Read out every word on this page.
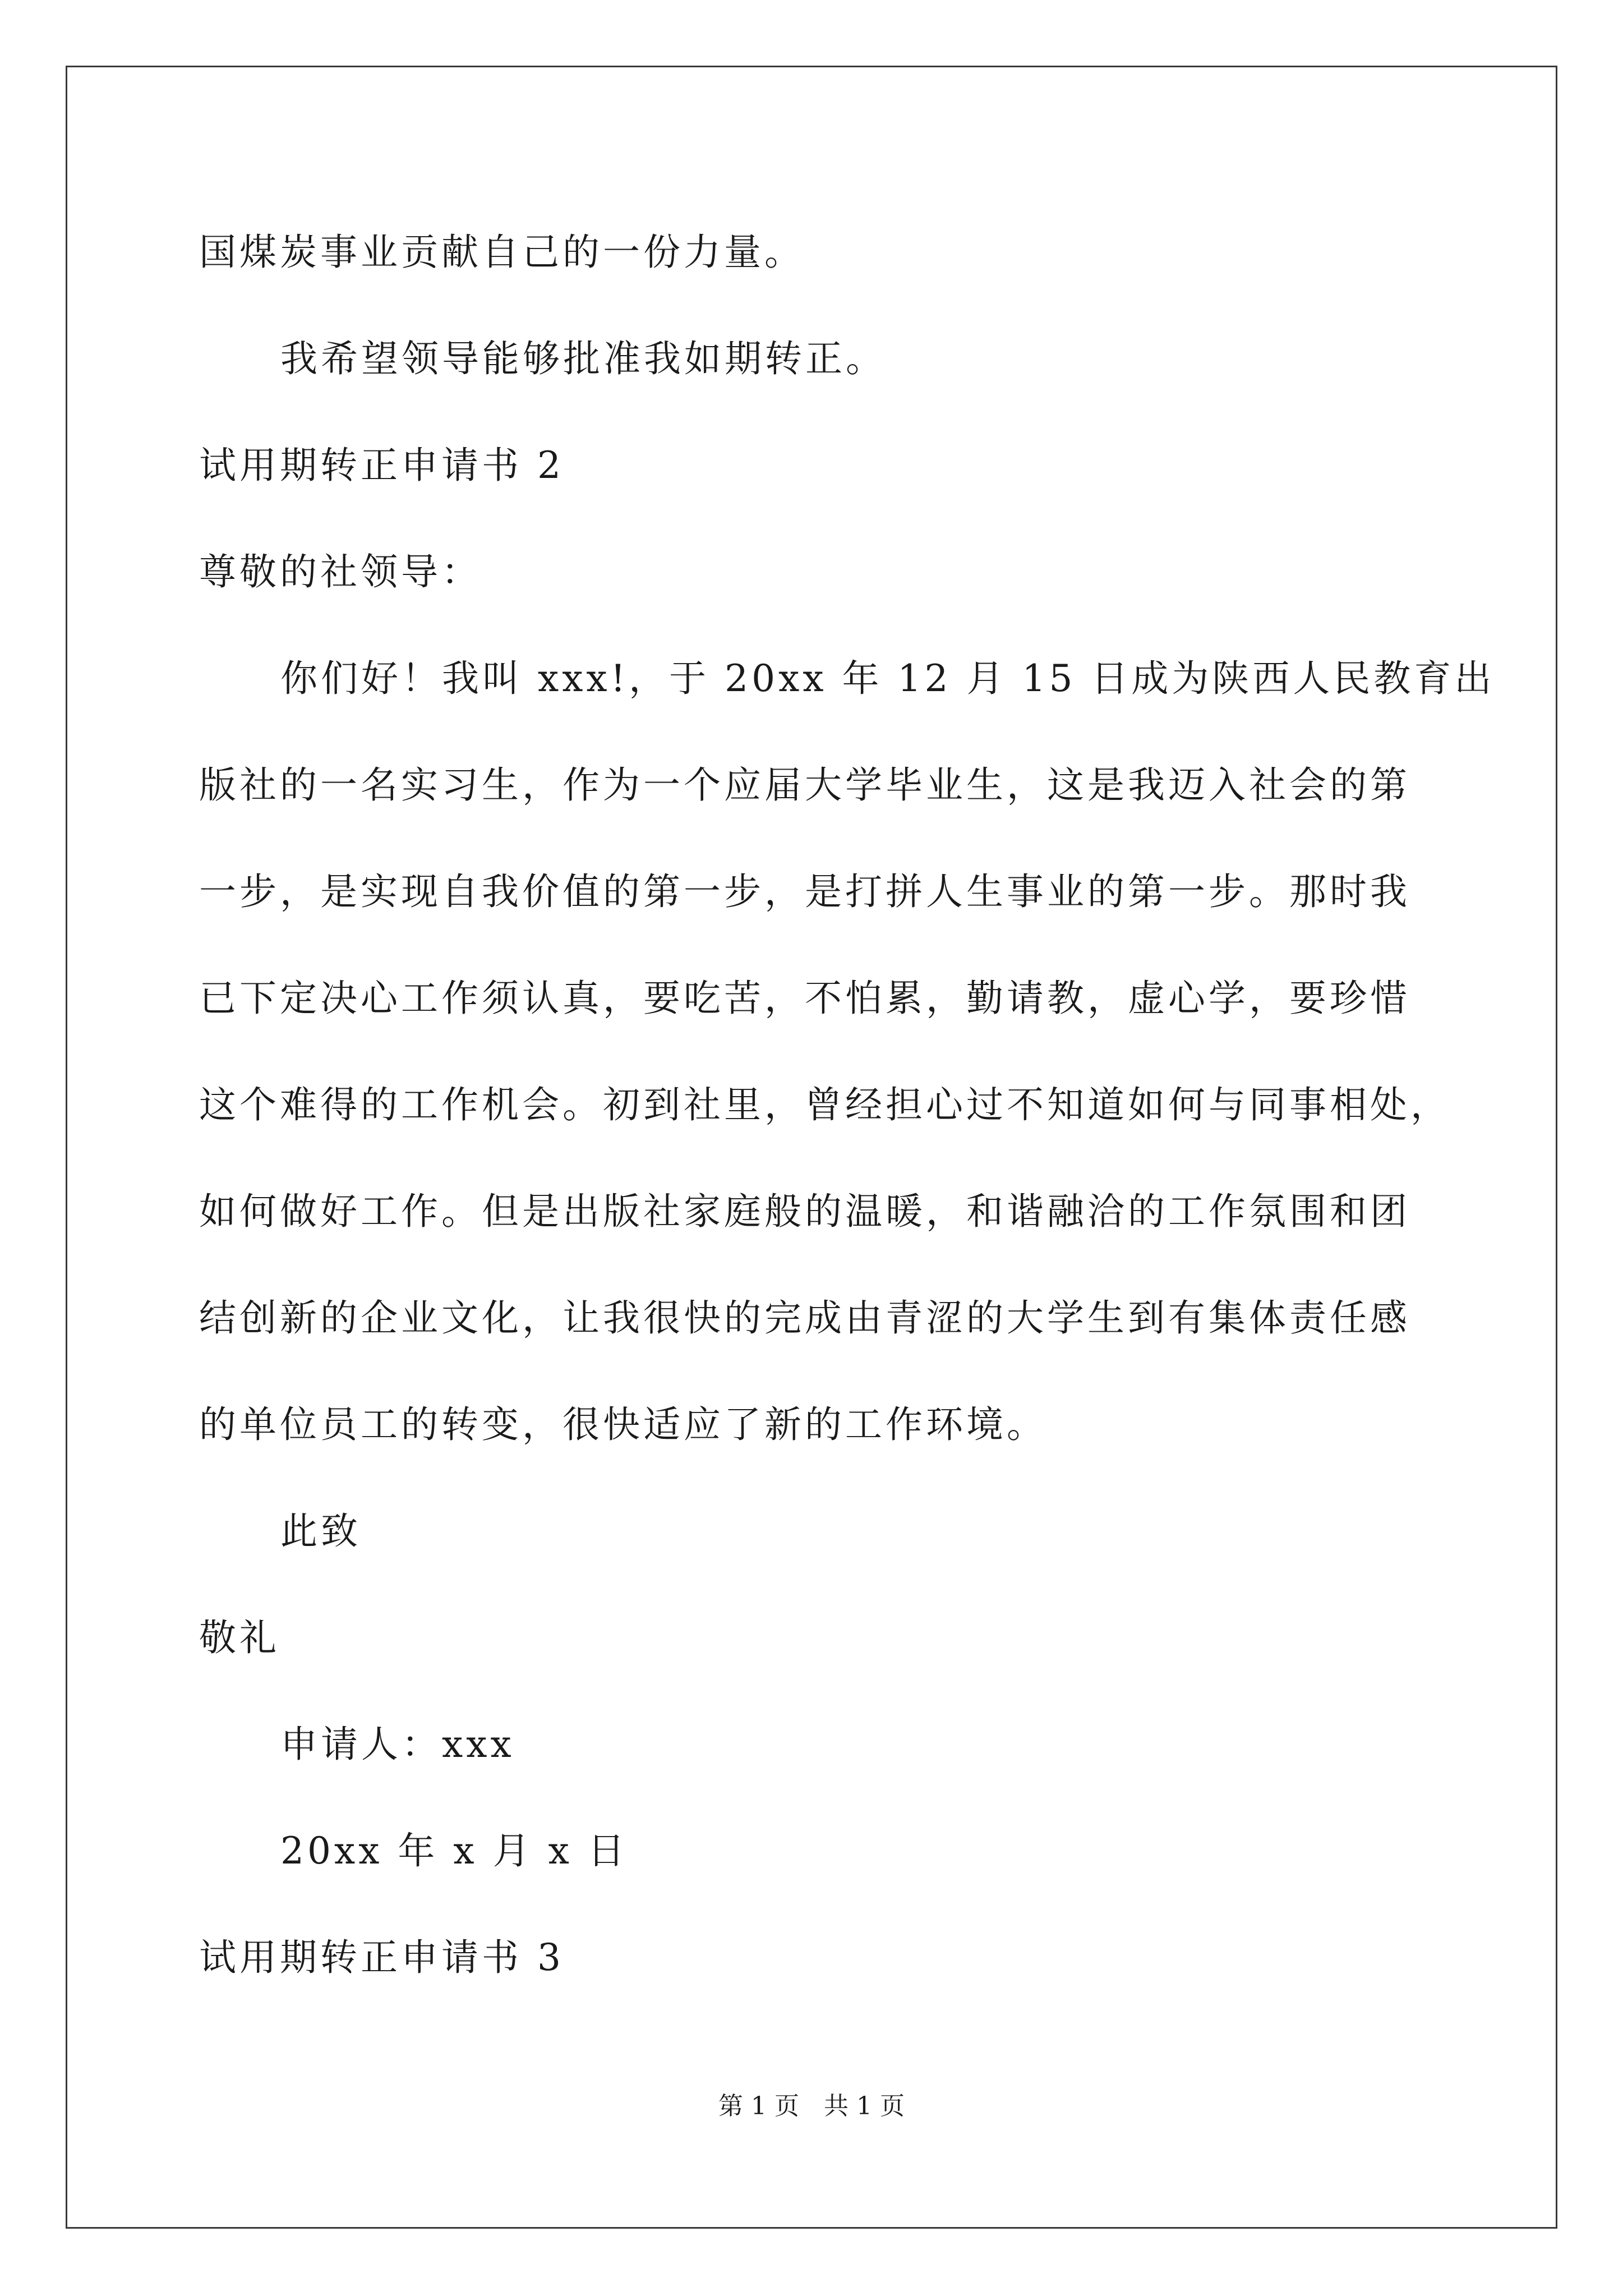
国煤炭事业贡献自己的一份力量。
我希望领导能够批准我如期转正。
试用期转正申请书 2
尊敬的社领导：
你们好！我叫 xxx!，于 20xx 年 12 月 15 日成为陕西人民教育出
版社的一名实习生，作为一个应届大学毕业生，这是我迈入社会的第
一步，是实现自我价值的第一步，是打拼人生事业的第一步。那时我
已下定决心工作须认真，要吃苦，不怕累，勤请教，虚心学，要珍惜
这个难得的工作机会。初到社里，曾经担心过不知道如何与同事相处，
如何做好工作。但是出版社家庭般的温暖，和谐融洽的工作氛围和团
结创新的企业文化，让我很快的完成由青涩的大学生到有集体责任感
的单位员工的转变，很快适应了新的工作环境。
此致
敬礼
申请人：xxx
20xx 年 x 月 x 日
试用期转正申请书 3
第 1 页　共 1 页
